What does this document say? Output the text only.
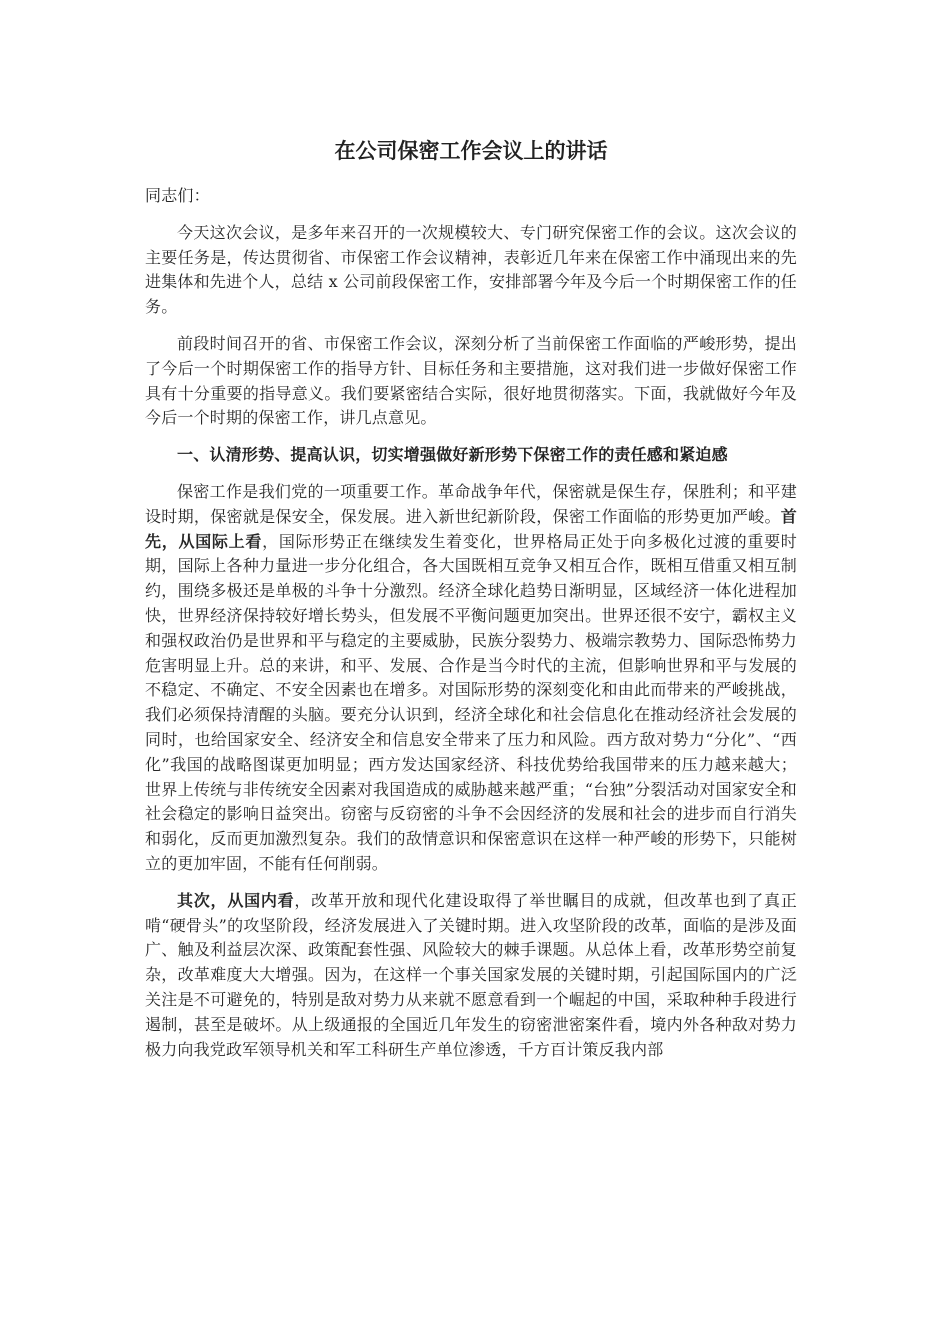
在公司保密工作会议上的讲话

同志们：

今天这次会议，是多年来召开的一次规模较大、专门研究保密工作的会议。这次会议的主要任务是，传达贯彻省、市保密工作会议精神，表彰近几年来在保密工作中涌现出来的先进集体和先进个人，总结 x 公司前段保密工作，安排部署今年及今后一个时期保密工作的任务。

前段时间召开的省、市保密工作会议，深刻分析了当前保密工作面临的严峻形势，提出了今后一个时期保密工作的指导方针、目标任务和主要措施，这对我们进一步做好保密工作具有十分重要的指导意义。我们要紧密结合实际，很好地贯彻落实。下面，我就做好今年及今后一个时期的保密工作，讲几点意见。

一、认清形势、提高认识，切实增强做好新形势下保密工作的责任感和紧迫感

保密工作是我们党的一项重要工作。革命战争年代，保密就是保生存，保胜利；和平建设时期，保密就是保安全，保发展。进入新世纪新阶段，保密工作面临的形势更加严峻。首先，从国际上看，国际形势正在继续发生着变化，世界格局正处于向多极化过渡的重要时期，国际上各种力量进一步分化组合，各大国既相互竞争又相互合作，既相互借重又相互制约，围绕多极还是单极的斗争十分激烈。经济全球化趋势日渐明显，区域经济一体化进程加快，世界经济保持较好增长势头，但发展不平衡问题更加突出。世界还很不安宁，霸权主义和强权政治仍是世界和平与稳定的主要威胁，民族分裂势力、极端宗教势力、国际恐怖势力危害明显上升。总的来讲，和平、发展、合作是当今时代的主流，但影响世界和平与发展的不稳定、不确定、不安全因素也在增多。对国际形势的深刻变化和由此而带来的严峻挑战，我们必须保持清醒的头脑。要充分认识到，经济全球化和社会信息化在推动经济社会发展的同时，也给国家安全、经济安全和信息安全带来了压力和风险。西方敌对势力“分化”、“西化”我国的战略图谋更加明显；西方发达国家经济、科技优势给我国带来的压力越来越大；世界上传统与非传统安全因素对我国造成的威胁越来越严重；“台独”分裂活动对国家安全和社会稳定的影响日益突出。窃密与反窃密的斗争不会因经济的发展和社会的进步而自行消失和弱化，反而更加激烈复杂。我们的敌情意识和保密意识在这样一种严峻的形势下，只能树立的更加牢固，不能有任何削弱。

其次，从国内看，改革开放和现代化建设取得了举世瞩目的成就，但改革也到了真正啃“硬骨头”的攻坚阶段，经济发展进入了关键时期。进入攻坚阶段的改革，面临的是涉及面广、触及利益层次深、政策配套性强、风险较大的棘手课题。从总体上看，改革形势空前复杂，改革难度大大增强。因为，在这样一个事关国家发展的关键时期，引起国际国内的广泛关注是不可避免的，特别是敌对势力从来就不愿意看到一个崛起的中国，采取种种手段进行遏制，甚至是破坏。从上级通报的全国近几年发生的窃密泄密案件看，境内外各种敌对势力极力向我党政军领导机关和军工科研生产单位渗透，千方百计策反我内部
